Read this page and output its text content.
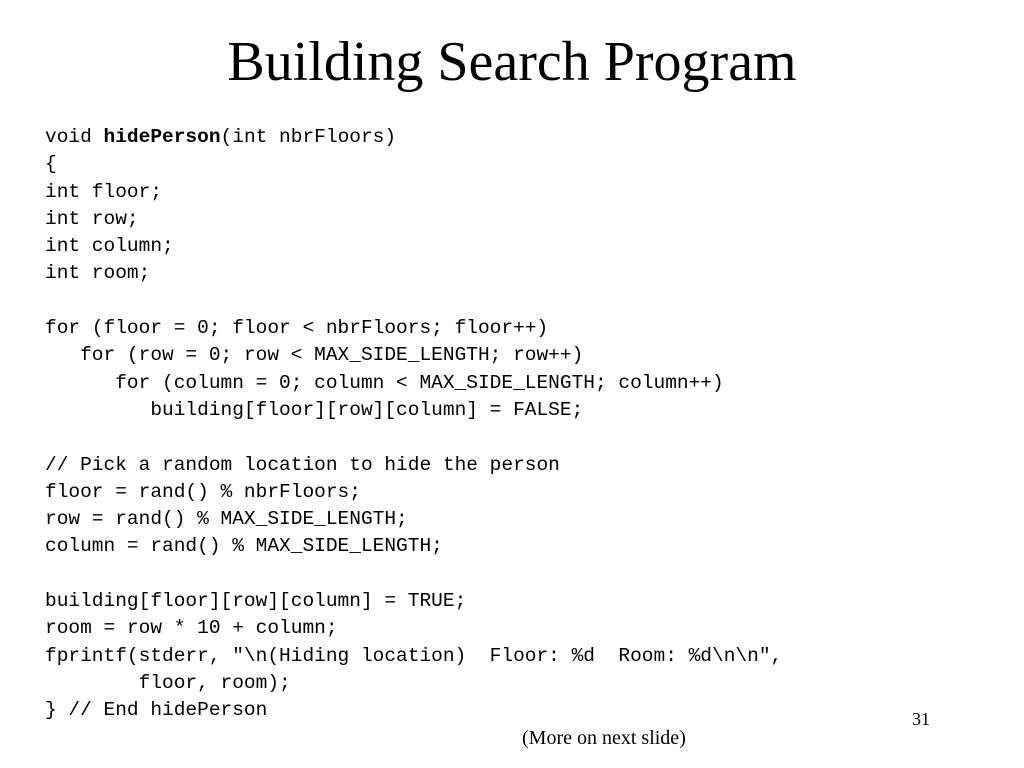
Building Search Program
void hidePerson(int nbrFloors)
{
int floor;
int row;
int column;
int room;
for (floor = 0; floor < nbrFloors; floor++)
for (row = 0; row < MAX_SIDE_LENGTH; row++)
for (column = 0; column < MAX_SIDE_LENGTH; column++)
building[floor][row][column] = FALSE;
// Pick a random location to hide the person
floor = rand() % nbrFloors;
row = rand() % MAX_SIDE_LENGTH;
column = rand() % MAX_SIDE_LENGTH;
building[floor][row][column] = TRUE;
room = row * 10 + column;
fprintf(stderr, "\n(Hiding location)  Floor: %d  Room: %d\n\n",
floor, room);
} // End hidePerson	31
(More on next slide)
